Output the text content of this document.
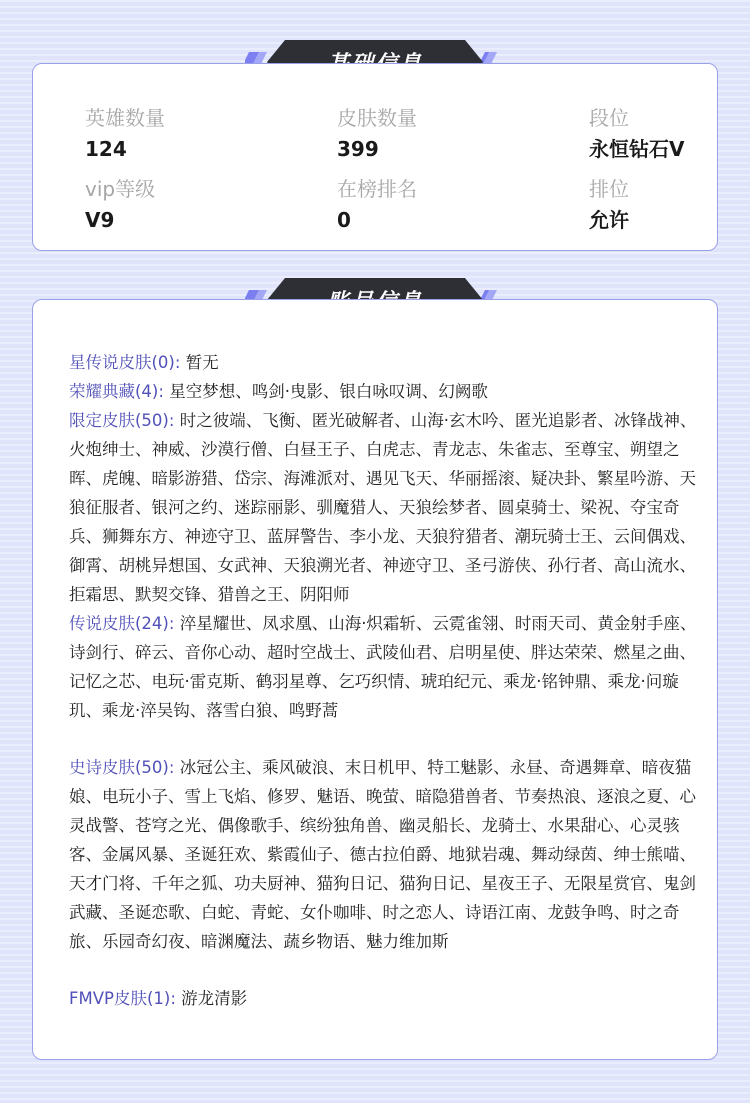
英雄数量
124
皮肤数量
399
段位
永恒钻石V
vip等级
V9
在榜排名
0
排位
允许
星传说皮肤(0): 暂无
荣耀典藏(4): 星空梦想、鸣剑·曳影、银白咏叹调、幻阙歌
限定皮肤(50): 时之彼端、飞衡、匿光破解者、山海·玄木吟、匿光追影者、冰锋战神、火炮绅士、神威、沙漠行僧、白昼王子、白虎志、青龙志、朱雀志、至尊宝、朔望之晖、虎魄、暗影游猎、岱宗、海滩派对、遇见飞天、华丽摇滚、疑决卦、繁星吟游、天狼征服者、银河之约、迷踪丽影、驯魔猎人、天狼绘梦者、圆桌骑士、梁祝、夺宝奇兵、狮舞东方、神迹守卫、蓝屏警告、李小龙、天狼狩猎者、潮玩骑士王、云间偶戏、御霄、胡桃异想国、女武神、天狼溯光者、神迹守卫、圣弓游侠、孙行者、高山流水、拒霜思、默契交锋、猎兽之王、阴阳师
传说皮肤(24): 淬星耀世、凤求凰、山海·炽霜斩、云霓雀翎、时雨天司、黄金射手座、诗剑行、碎云、音你心动、超时空战士、武陵仙君、启明星使、胖达荣荣、燃星之曲、记忆之芯、电玩·雷克斯、鹤羽星尊、乞巧织情、琥珀纪元、乘龙·铭钟鼎、乘龙·问璇玑、乘龙·淬吴钩、落雪白狼、鸣野蒿
史诗皮肤(50): 冰冠公主、乘风破浪、末日机甲、特工魅影、永昼、奇遇舞章、暗夜猫娘、电玩小子、雪上飞焰、修罗、魅语、晚萤、暗隐猎兽者、节奏热浪、逐浪之夏、心灵战警、苍穹之光、偶像歌手、缤纷独角兽、幽灵船长、龙骑士、水果甜心、心灵骇客、金属风暴、圣诞狂欢、紫霞仙子、德古拉伯爵、地狱岩魂、舞动绿茵、绅士熊喵、天才门将、千年之狐、功夫厨神、猫狗日记、猫狗日记、星夜王子、无限星赏官、鬼剑武藏、圣诞恋歌、白蛇、青蛇、女仆咖啡、时之恋人、诗语江南、龙鼓争鸣、时之奇旅、乐园奇幻夜、暗渊魔法、蔬乡物语、魅力维加斯
FMVP皮肤(1): 游龙清影
